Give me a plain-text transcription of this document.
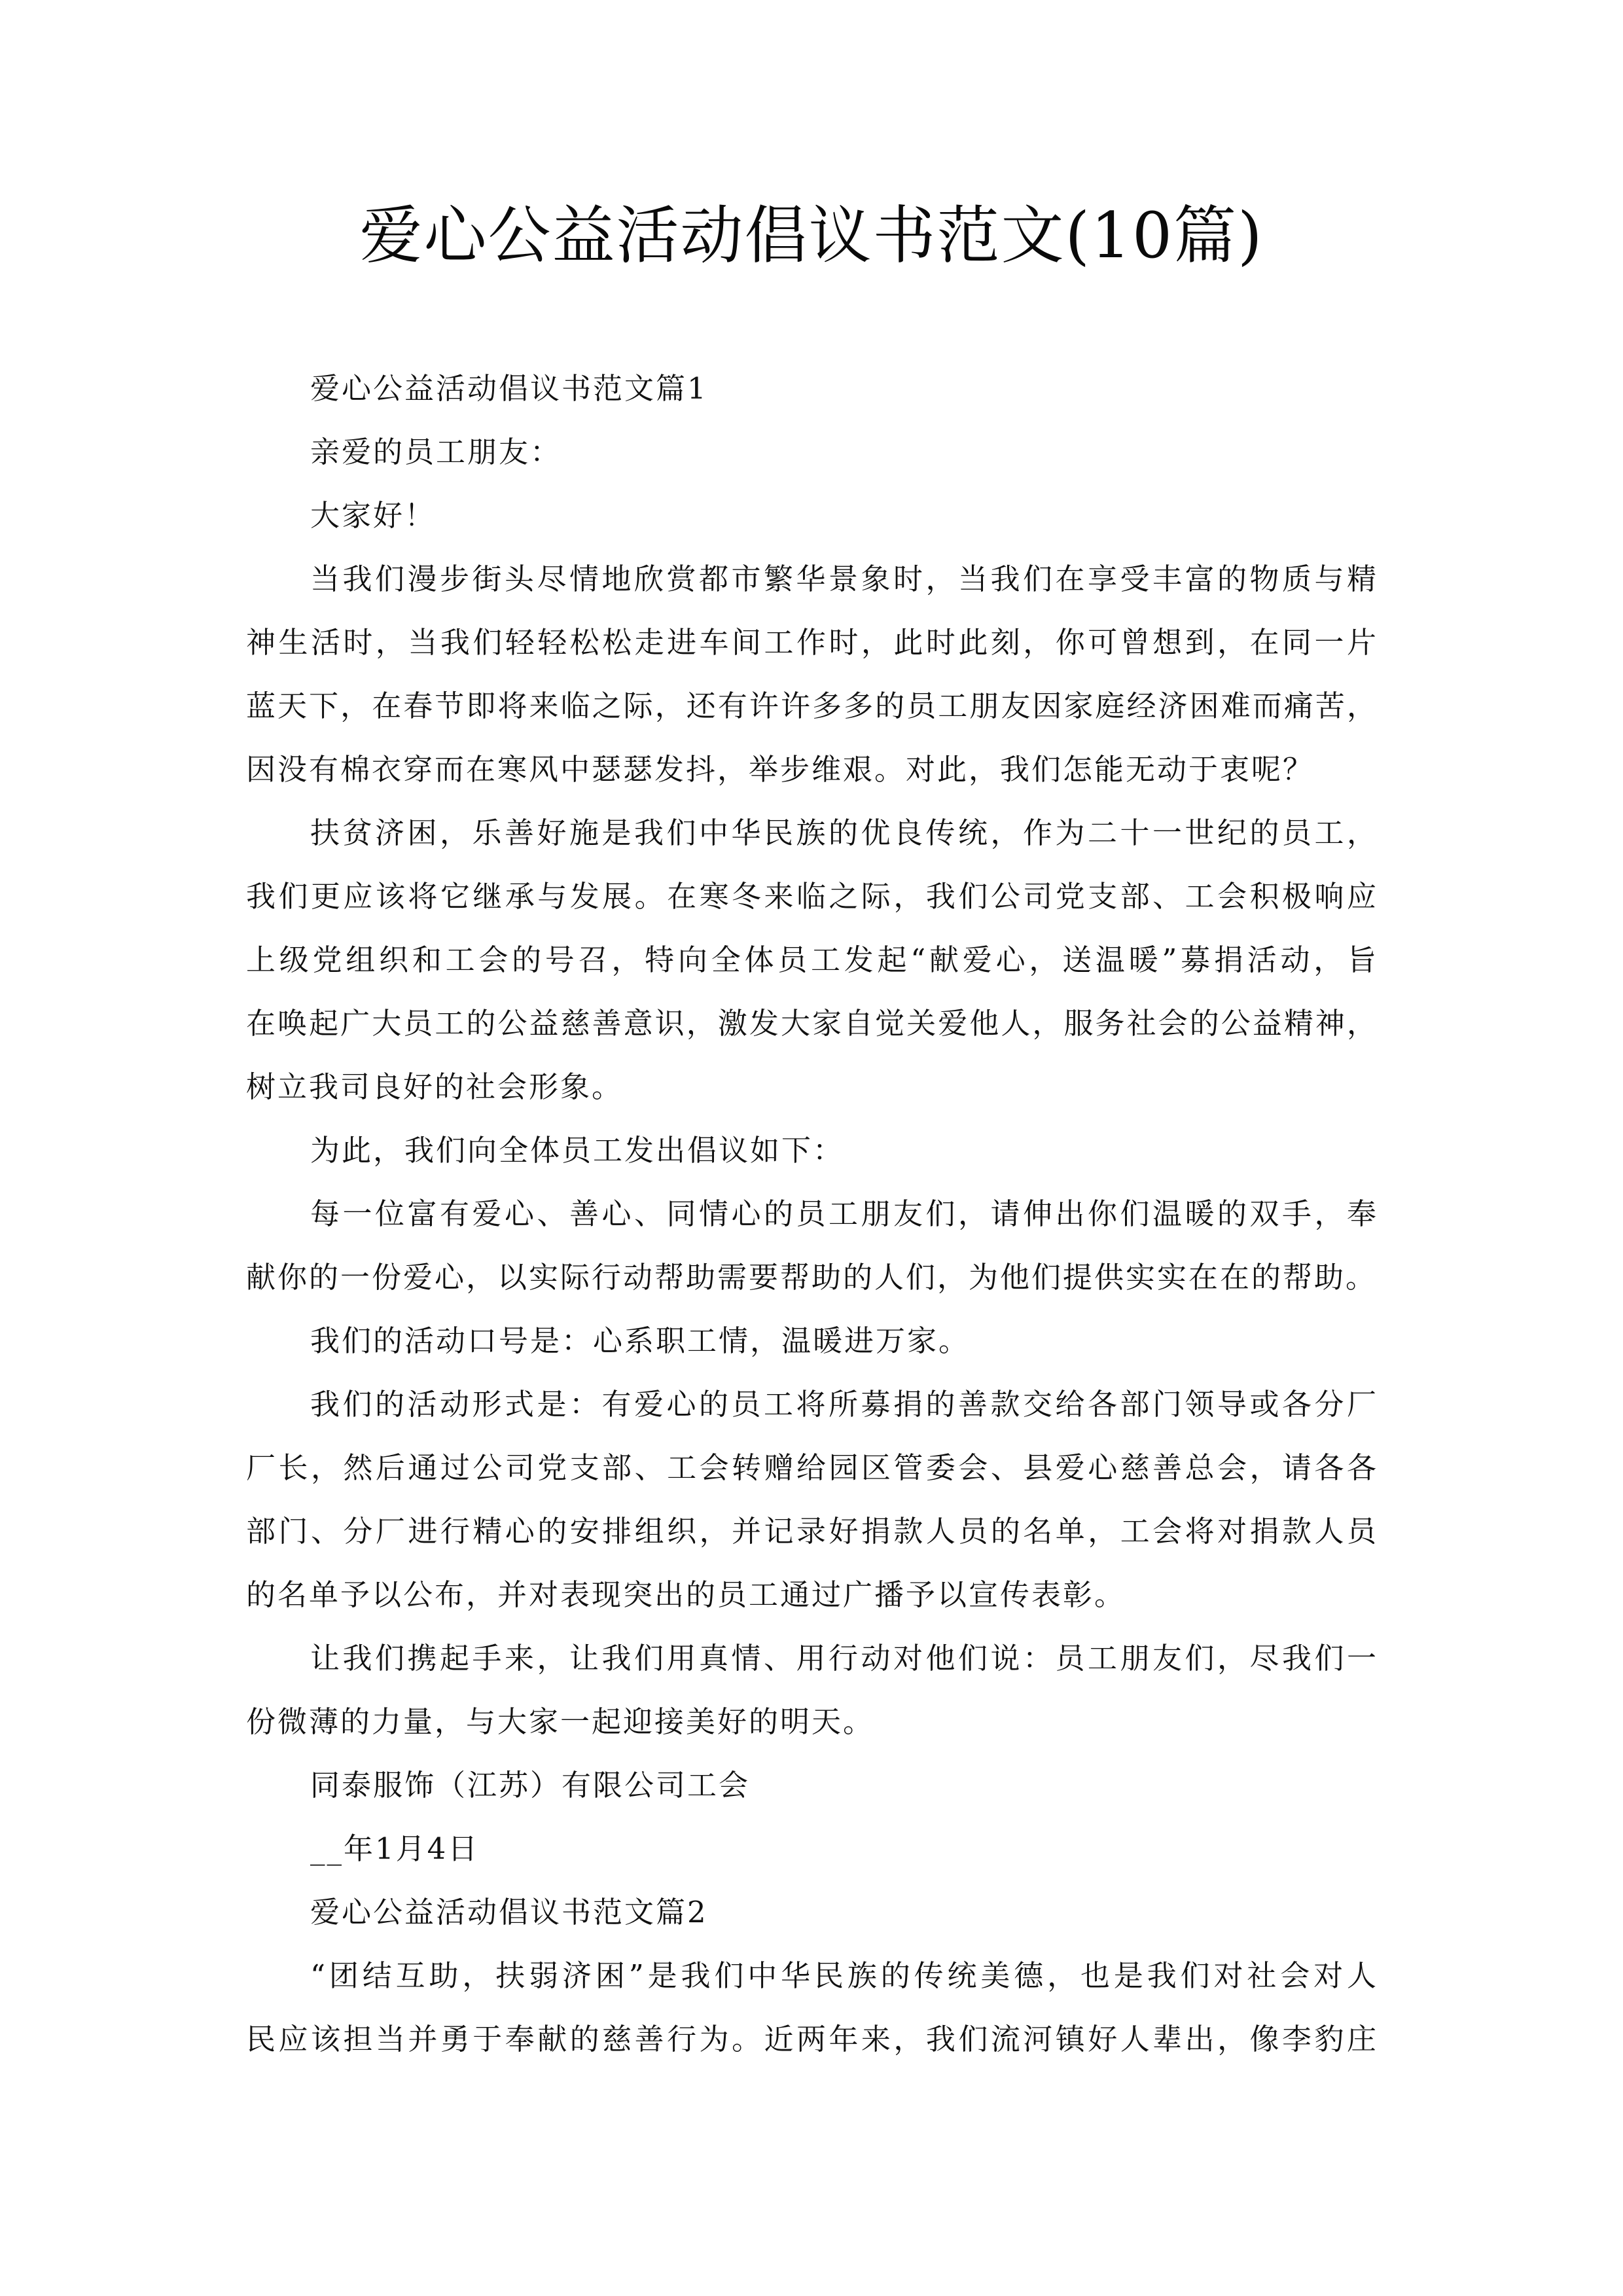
爱心公益活动倡议书范文(10篇)

爱心公益活动倡议书范文篇1

亲爱的员工朋友：

大家好！

当我们漫步街头尽情地欣赏都市繁华景象时，当我们在享受丰富的物质与精
神生活时，当我们轻轻松松走进车间工作时，此时此刻，你可曾想到，在同一片
蓝天下，在春节即将来临之际，还有许许多多的员工朋友因家庭经济困难而痛苦，
因没有棉衣穿而在寒风中瑟瑟发抖，举步维艰。对此，我们怎能无动于衷呢？

扶贫济困，乐善好施是我们中华民族的优良传统，作为二十一世纪的员工，
我们更应该将它继承与发展。在寒冬来临之际，我们公司党支部、工会积极响应
上级党组织和工会的号召，特向全体员工发起“献爱心，送温暖”募捐活动，旨
在唤起广大员工的公益慈善意识，激发大家自觉关爱他人，服务社会的公益精神，
树立我司良好的社会形象。

为此，我们向全体员工发出倡议如下：

每一位富有爱心、善心、同情心的员工朋友们，请伸出你们温暖的双手，奉
献你的一份爱心，以实际行动帮助需要帮助的人们，为他们提供实实在在的帮助。

我们的活动口号是：心系职工情，温暖进万家。

我们的活动形式是：有爱心的员工将所募捐的善款交给各部门领导或各分厂
厂长，然后通过公司党支部、工会转赠给园区管委会、县爱心慈善总会，请各各
部门、分厂进行精心的安排组织，并记录好捐款人员的名单，工会将对捐款人员
的名单予以公布，并对表现突出的员工通过广播予以宣传表彰。

让我们携起手来，让我们用真情、用行动对他们说：员工朋友们，尽我们一
份微薄的力量，与大家一起迎接美好的明天。

同泰服饰（江苏）有限公司工会

__年1月4日

爱心公益活动倡议书范文篇2

“团结互助，扶弱济困”是我们中华民族的传统美德，也是我们对社会对人
民应该担当并勇于奉献的慈善行为。近两年来，我们流河镇好人辈出，像李豹庄
